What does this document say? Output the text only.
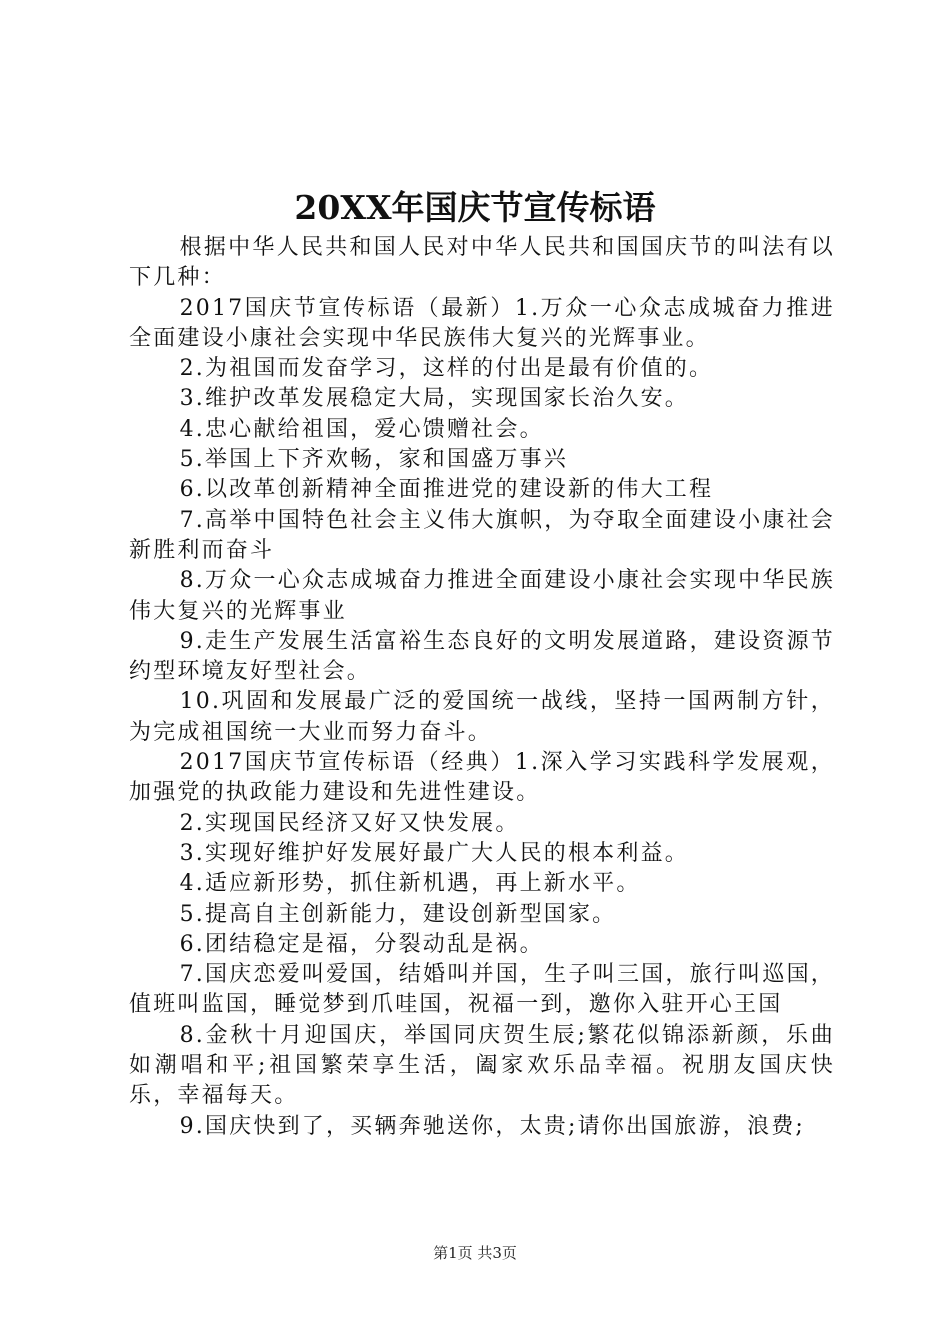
20XX年国庆节宣传标语

根据中华人民共和国人民对中华人民共和国国庆节的叫法有以下几种：

2017国庆节宣传标语（最新）1.万众一心众志成城奋力推进全面建设小康社会实现中华民族伟大复兴的光辉事业。

2.为祖国而发奋学习，这样的付出是最有价值的。

3.维护改革发展稳定大局，实现国家长治久安。

4.忠心献给祖国，爱心馈赠社会。

5.举国上下齐欢畅，家和国盛万事兴

6.以改革创新精神全面推进党的建设新的伟大工程

7.高举中国特色社会主义伟大旗帜，为夺取全面建设小康社会新胜利而奋斗

8.万众一心众志成城奋力推进全面建设小康社会实现中华民族伟大复兴的光辉事业

9.走生产发展生活富裕生态良好的文明发展道路，建设资源节约型环境友好型社会。

10.巩固和发展最广泛的爱国统一战线，坚持一国两制方针，为完成祖国统一大业而努力奋斗。

2017国庆节宣传标语（经典）1.深入学习实践科学发展观，加强党的执政能力建设和先进性建设。

2.实现国民经济又好又快发展。

3.实现好维护好发展好最广大人民的根本利益。

4.适应新形势，抓住新机遇，再上新水平。

5.提高自主创新能力，建设创新型国家。

6.团结稳定是福，分裂动乱是祸。

7.国庆恋爱叫爱国，结婚叫并国，生子叫三国，旅行叫巡国，值班叫监国，睡觉梦到爪哇国，祝福一到，邀你入驻开心王国

8.金秋十月迎国庆，举国同庆贺生辰;繁花似锦添新颜，乐曲如潮唱和平;祖国繁荣享生活，阖家欢乐品幸福。祝朋友国庆快乐，幸福每天。

9.国庆快到了，买辆奔驰送你，太贵;请你出国旅游，浪费;

第1页 共3页
